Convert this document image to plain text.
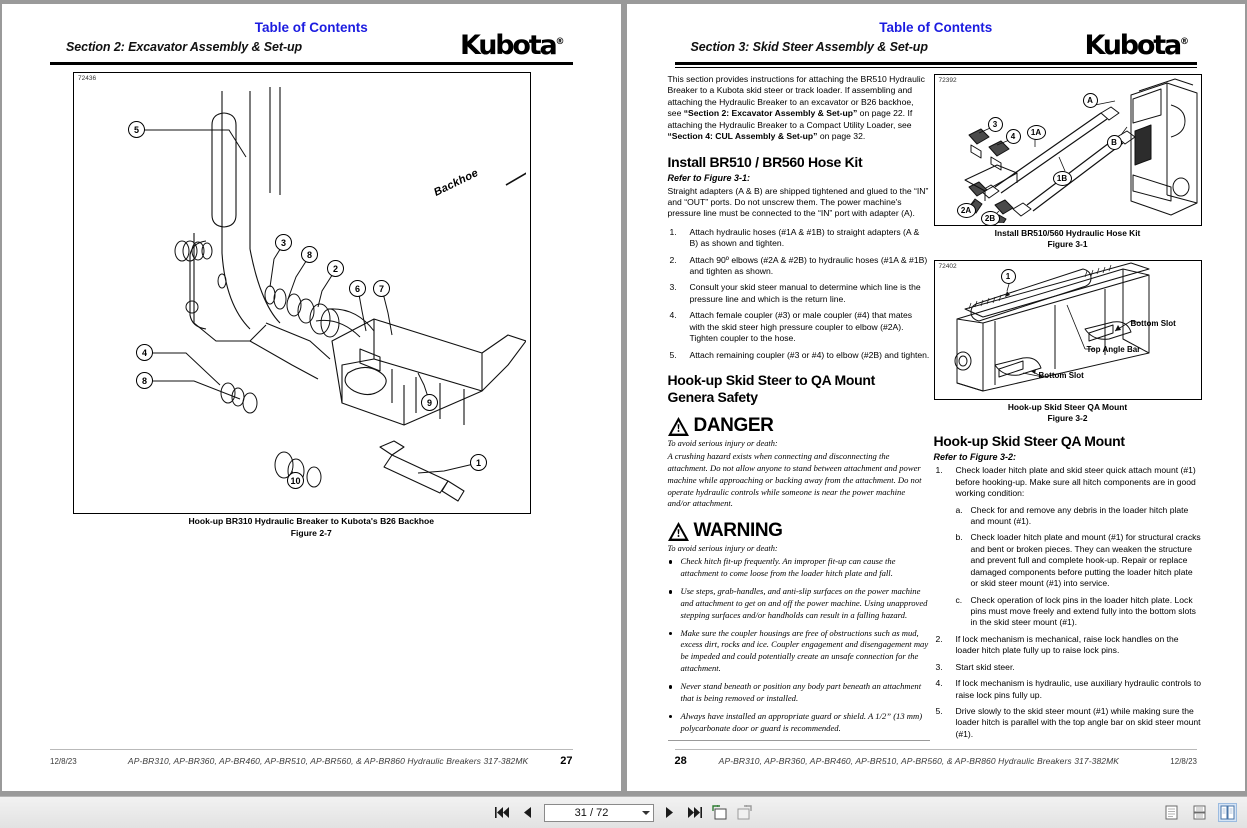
Table of Contents
Section 2: Excavator Assembly & Set-up	Kubota®
72436
5
3
8
2
6	7
4
8
9
10
1
Backhoe
Hook-up BR310 Hydraulic Breaker to Kubota's B26 Backhoe
Figure 2-7
12/8/23	AP-BR310, AP-BR360, AP-BR460, AP-BR510, AP-BR560, & AP-BR860 Hydraulic Breakers 317-382MK	27
Table of Contents
Section 3: Skid Steer Assembly & Set-up	Kubota®

This section provides instructions for attaching the BR510 Hydraulic Breaker to a Kubota skid steer or track loader. If assembling and attaching the Hydraulic Breaker to an excavator or B26 backhoe, see “Section 2: Excavator Assembly & Set-up” on page 22. If attaching the Hydraulic Breaker to a Compact Utility Loader, see “Section 4: CUL Assembly & Set-up” on page 32.

Install BR510 / BR560 Hose Kit
Refer to Figure 3-1:

Straight adapters (A & B) are shipped tightened and glued to the “IN” and “OUT” ports. Do not unscrew them. The power machine's pressure line must be connected to the “IN” port with adapter (A).

Attach hydraulic hoses (#1A & #1B) to straight adapters (A & B) as shown and tighten.
Attach 90º elbows (#2A & #2B) to hydraulic hoses (#1A & #1B) and tighten as shown.
Consult your skid steer manual to determine which line is the pressure line and which is the return line.
Attach female coupler (#3) or male coupler (#4) that mates with the skid steer high pressure coupler to elbow (#2A). Tighten coupler to the hose.
Attach remaining coupler (#3 or #4) to elbow (#2B) and tighten.
Hook-up Skid Steer to QA Mount
Genera Safety
DANGER
To avoid serious injury or death:
A crushing hazard exists when connecting and disconnecting the attachment. Do not allow anyone to stand between attachment and power machine while approaching or backing away from the attachment. Do not operate hydraulic controls while someone is near the power machine and/or attachment.
WARNING
To avoid serious injury or death:
Check hitch fit-up frequently. An improper fit-up can cause the attachment to come loose from the loader hitch plate and fall.
Use steps, grab-handles, and anti-slip surfaces on the power machine and attachment to get on and off the power machine. Using unapproved stepping surfaces and/or handholds can result in a falling hazard.
Make sure the coupler housings are free of obstructions such as mud, excess dirt, rocks and ice. Coupler engagement and disengagement may be impeded and could potentially create an unsafe connection for the attachment.
Never stand beneath or position any body part beneath an attachment that is being removed or installed.
Always have installed an appropriate guard or shield. A 1/2” (13 mm) polycarbonate door or guard is recommended.
72392
A
B
3
4	1A
1B
2A
2B
Install BR510/560 Hydraulic Hose Kit
Figure 3-1
72402
1
Bottom Slot
Top Angle Bar
Bottom Slot
Hook-up Skid Steer QA Mount
Figure 3-2
Hook-up Skid Steer QA Mount
Refer to Figure 3-2:
Check loader hitch plate and skid steer quick attach mount (#1) before hooking-up. Make sure all hitch components are in good working condition:
Check for and remove any debris in the loader hitch plate and mount (#1).
Check loader hitch plate and mount (#1) for structural cracks and bent or broken pieces. They can weaken the structure and prevent full and complete hook-up. Repair or replace damaged components before putting the loader hitch plate or skid steer mount (#1) into service.
Check operation of lock pins in the loader hitch plate. Lock pins must move freely and extend fully into the bottom slots in the skid steer mount (#1).
If lock mechanism is mechanical, raise lock handles on the loader hitch plate fully up to raise lock pins.
Start skid steer.
If lock mechanism is hydraulic, use auxiliary hydraulic controls to raise lock pins fully up.
Drive slowly to the skid steer mount (#1) while making sure the loader hitch is parallel with the top angle bar on skid steer mount (#1).
28	AP-BR310, AP-BR360, AP-BR460, AP-BR510, AP-BR560, & AP-BR860 Hydraulic Breakers 317-382MK	12/8/23
31 / 72
